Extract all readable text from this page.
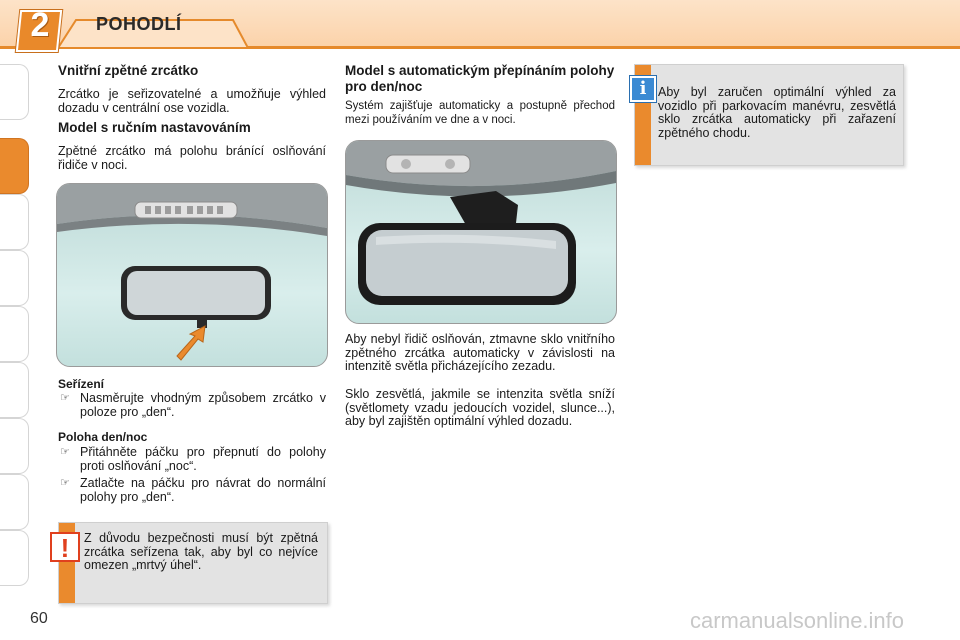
2	POHODLÍ
Vnitřní zpětné zrcátko
Zrcátko je seřizovatelné a umožňuje výhled dozadu v centrální ose vozidla.
Model s ručním nastavováním
Zpětné zrcátko má polohu bránící oslňování řidiče v noci.
Seřízení
☞ Nasměrujte vhodným způsobem zrcátko v poloze pro „den“.
Poloha den/noc
☞ Přitáhněte páčku pro přepnutí do polohy proti oslňování „noc“.
☞ Zatlačte na páčku pro návrat do normální polohy pro „den“.
!	Z důvodu bezpečnosti musí být zpětná zrcátka seřízena tak, aby byl co nejvíce omezen „mrtvý úhel“.
Model s automatickým přepínáním polohy pro den/noc
Systém zajišťuje automaticky a postupně přechod mezi používáním ve dne a v noci.
Aby nebyl řidič oslňován, ztmavne sklo vnitřního zpětného zrcátka automaticky v závislosti na intenzitě světla přicházejícího zezadu.
Sklo zesvětlá, jakmile se intenzita světla sníží (světlomety vzadu jedoucích vozidel, slunce...), aby byl zajištěn optimální výhled dozadu.
i Aby byl zaručen optimální výhled za vozidlo při parkovacím manévru, zesvětlá sklo zrcátka automaticky při zařazení zpětného chodu.
60	carmanualsonline.info
